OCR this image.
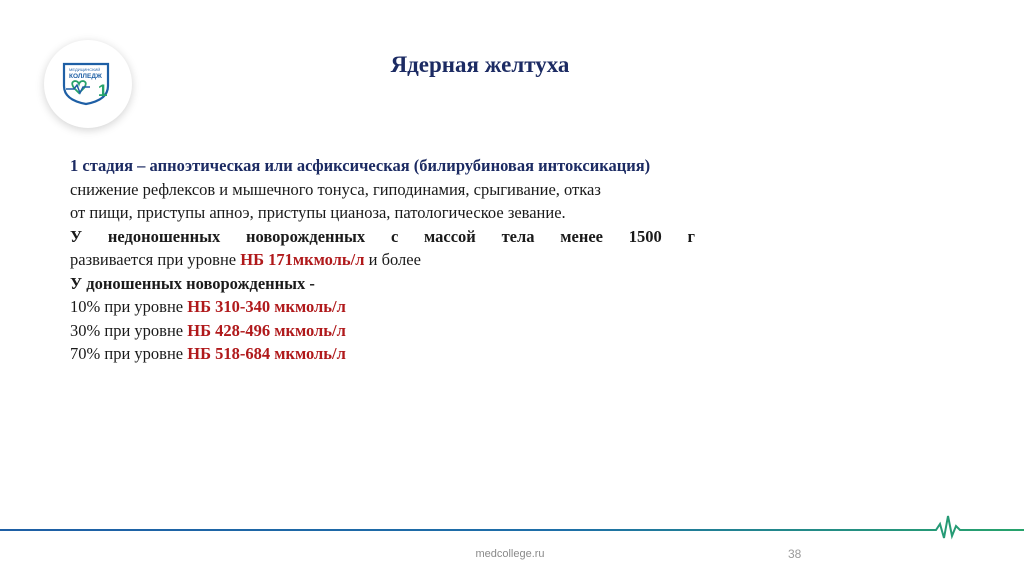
МЕДИЦИНСКИЙ
КОЛЛЕДЖ
1
Ядерная желтуха

1 стадия – апноэтическая или асфиксическая (билирубиновая интоксикация)

снижение рефлексов и мышечного тонуса, гиподинамия, срыгивание, отказ

от пищи, приступы апноэ, приступы цианоза, патологическое зевание.

У недоношенных новорожденных с массой тела менее 1500 г

развивается при уровне НБ 171мкмоль/л и более

У доношенных новорожденных -

10% при уровне НБ 310-340 мкмоль/л

30% при уровне НБ 428-496 мкмоль/л

70% при уровне НБ 518-684 мкмоль/л

medcollege.ru	38
